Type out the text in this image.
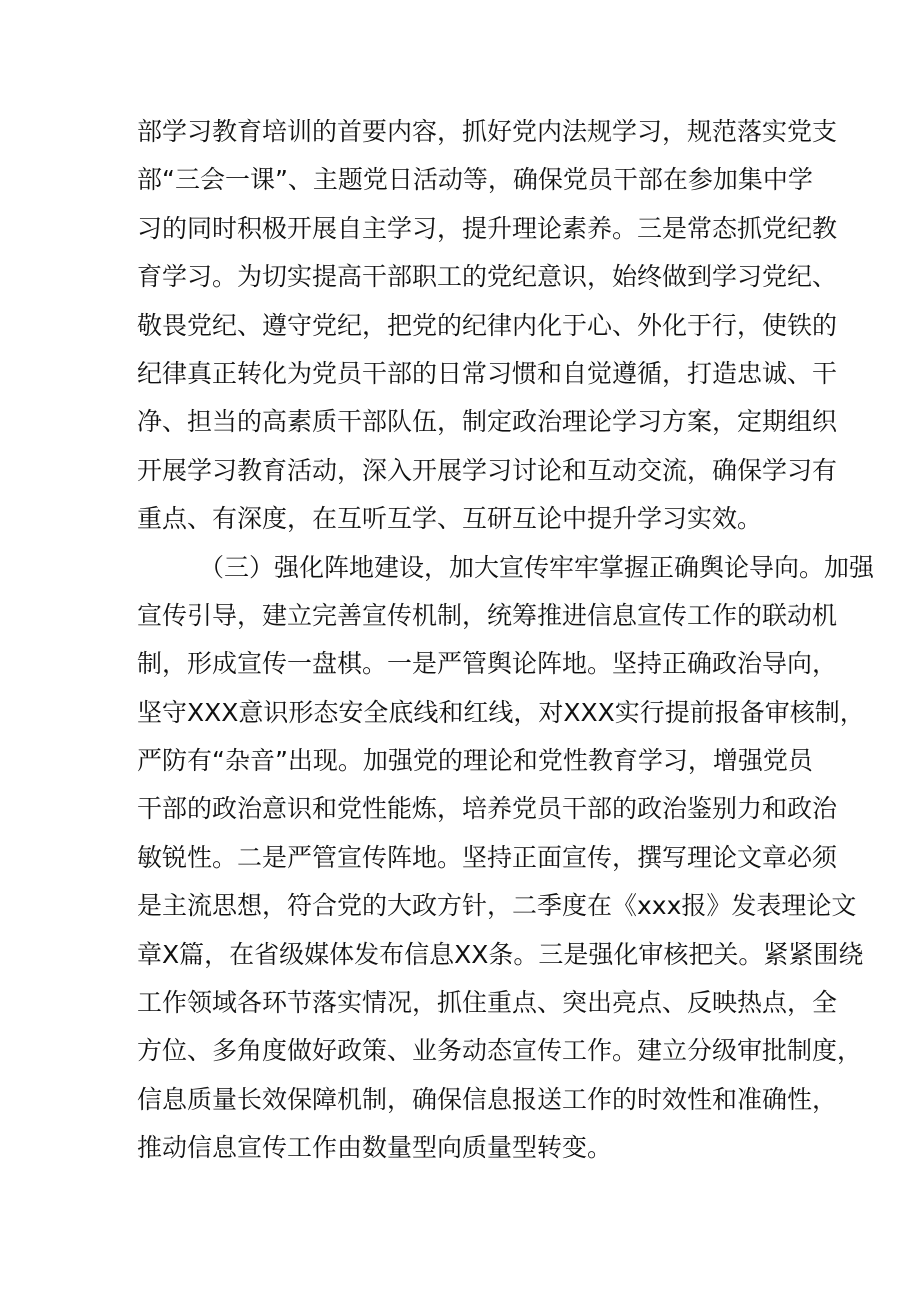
部学习教育培训的首要内容，抓好党内法规学习，规范落实党支
部“三会一课”、主题党日活动等，确保党员干部在参加集中学
习的同时积极开展自主学习，提升理论素养。三是常态抓党纪教
育学习。为切实提高干部职工的党纪意识，始终做到学习党纪、
敬畏党纪、遵守党纪，把党的纪律内化于心、外化于行，使铁的
纪律真正转化为党员干部的日常习惯和自觉遵循，打造忠诚、干
净、担当的高素质干部队伍，制定政治理论学习方案，定期组织
开展学习教育活动，深入开展学习讨论和互动交流，确保学习有
重点、有深度，在互听互学、互研互论中提升学习实效。
（三）强化阵地建设，加大宣传牢牢掌握正确舆论导向。加强
宣传引导，建立完善宣传机制，统筹推进信息宣传工作的联动机
制，形成宣传一盘棋。一是严管舆论阵地。坚持正确政治导向，
坚守XXX意识形态安全底线和红线，对XXX实行提前报备审核制，
严防有“杂音”出现。加强党的理论和党性教育学习，增强党员
干部的政治意识和党性能炼，培养党员干部的政治鉴别力和政治
敏锐性。二是严管宣传阵地。坚持正面宣传，撰写理论文章必须
是主流思想，符合党的大政方针，二季度在《xxx报》发表理论文
章X篇，在省级媒体发布信息XX条。三是强化审核把关。紧紧围绕
工作领域各环节落实情况，抓住重点、突出亮点、反映热点，全
方位、多角度做好政策、业务动态宣传工作。建立分级审批制度，
信息质量长效保障机制，确保信息报送工作的时效性和准确性，
推动信息宣传工作由数量型向质量型转变。
